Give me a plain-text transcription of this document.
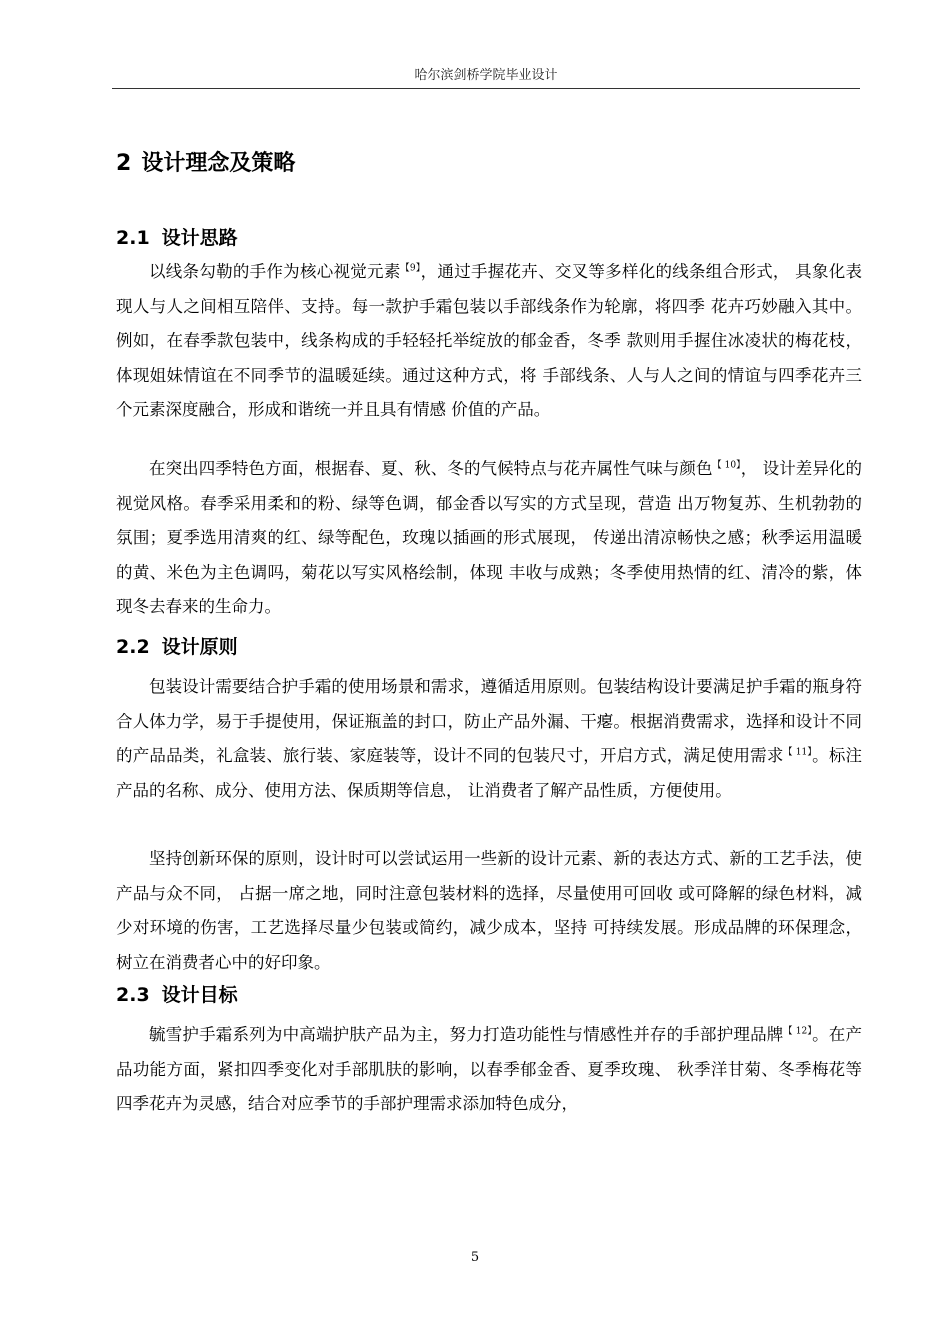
哈尔滨剑桥学院毕业设计
2 设计理念及策略
2.1 设计思路

以线条勾勒的手作为核心视觉元素$^{【9】}$，通过手握花卉、交叉等多样化的线条组合形式， 具象化表现人与人之间相互陪伴、支持。每一款护手霜包装以手部线条作为轮廓，将四季 花卉巧妙融入其中。例如，在春季款包装中，线条构成的手轻轻托举绽放的郁金香，冬季 款则用手握住冰凌状的梅花枝，体现姐妹情谊在不同季节的温暖延续。通过这种方式，将 手部线条、人与人之间的情谊与四季花卉三个元素深度融合，形成和谐统一并且具有情感 价值的产品。

在突出四季特色方面，根据春、夏、秋、冬的气候特点与花卉属性气味与颜色$^{【 10】}$， 设计差异化的视觉风格。春季采用柔和的粉、绿等色调，郁金香以写实的方式呈现，营造 出万物复苏、生机勃勃的氛围；夏季选用清爽的红、绿等配色，玫瑰以插画的形式展现， 传递出清凉畅快之感；秋季运用温暖的黄、米色为主色调吗，菊花以写实风格绘制，体现 丰收与成熟；冬季使用热情的红、清冷的紫，体现冬去春来的生命力。

2.2 设计原则

包装设计需要结合护手霜的使用场景和需求，遵循适用原则。包装结构设计要满足护手霜的瓶身符合人体力学，易于手提使用，保证瓶盖的封口，防止产品外漏、干瘪。根据消费需求，选择和设计不同的产品品类，礼盒装、旅行装、家庭装等，设计不同的包装尺寸，开启方式，满足使用需求$^{【 11】}$。标注产品的名称、成分、使用方法、保质期等信息， 让消费者了解产品性质，方便使用。

坚持创新环保的原则，设计时可以尝试运用一些新的设计元素、新的表达方式、新的工艺手法，使产品与众不同， 占据一席之地，同时注意包装材料的选择，尽量使用可回收 或可降解的绿色材料，减少对环境的伤害，工艺选择尽量少包装或简约，减少成本，坚持 可持续发展。形成品牌的环保理念，树立在消费者心中的好印象。

2.3 设计目标

毓雪护手霜系列为中高端护肤产品为主，努力打造功能性与情感性并存的手部护理品牌$^{【 12】}$。在产品功能方面，紧扣四季变化对手部肌肤的影响，以春季郁金香、夏季玫瑰、 秋季洋甘菊、冬季梅花等四季花卉为灵感，结合对应季节的手部护理需求添加特色成分，

5
